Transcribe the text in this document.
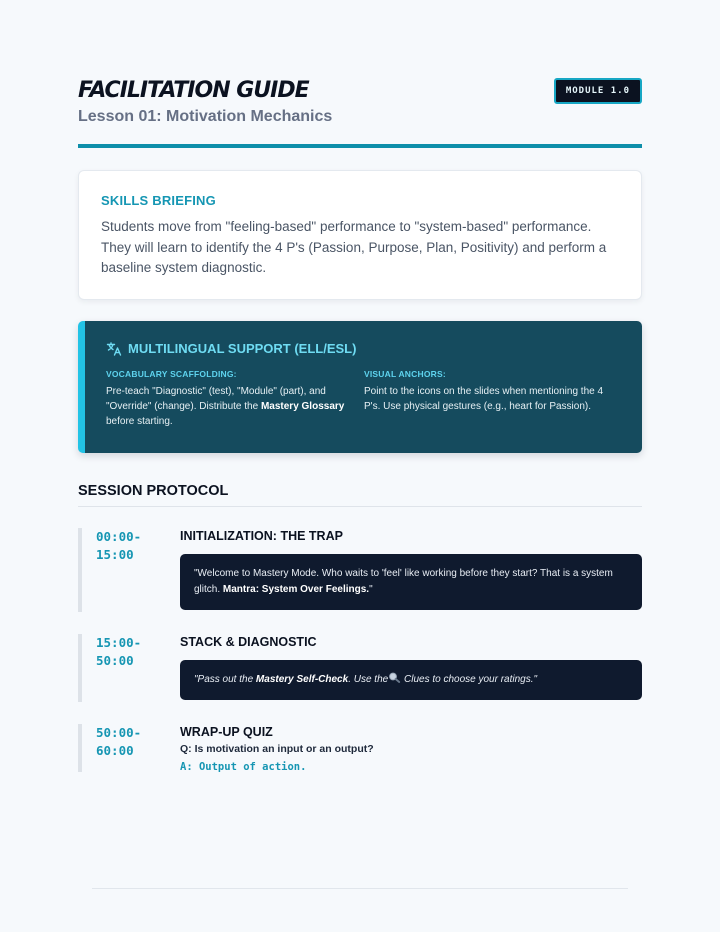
FACILITATION GUIDE
Lesson 01: Motivation Mechanics
MODULE 1.0
SKILLS BRIEFING
Students move from "feeling-based" performance to "system-based" performance. They will learn to identify the 4 P's (Passion, Purpose, Plan, Positivity) and perform a baseline system diagnostic.
MULTILINGUAL SUPPORT (ELL/ESL)
VOCABULARY SCAFFOLDING:
Pre-teach "Diagnostic" (test), "Module" (part), and "Override" (change). Distribute the Mastery Glossary before starting.
VISUAL ANCHORS:
Point to the icons on the slides when mentioning the 4 P's. Use physical gestures (e.g., heart for Passion).
SESSION PROTOCOL
00:00-
15:00
INITIALIZATION: THE TRAP
"Welcome to Mastery Mode. Who waits to 'feel' like working before they start? That is a system glitch. Mantra: System Over Feelings."
15:00-
50:00
STACK & DIAGNOSTIC
"Pass out the Mastery Self-Check. Use the Clues to choose your ratings."
50:00-
60:00
WRAP-UP QUIZ
Q: Is motivation an input or an output?
A: Output of action.
